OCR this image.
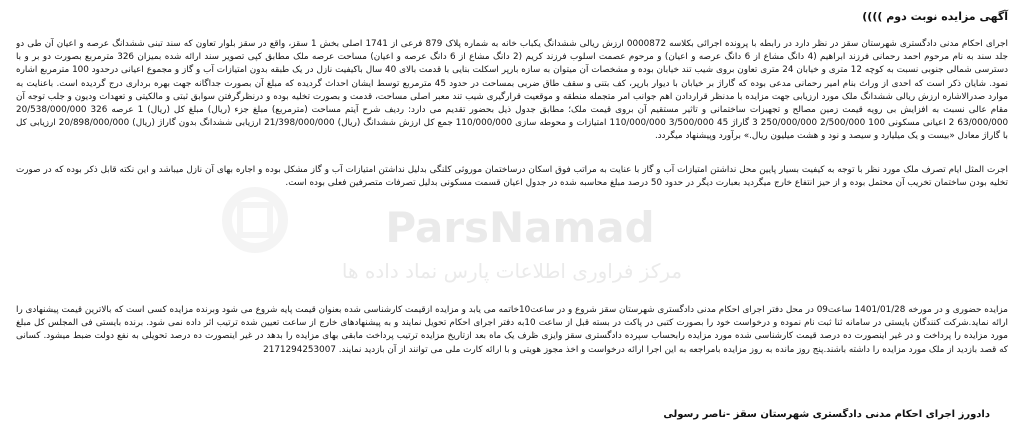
آگهی مزایده نوبت دوم ))))

اجرای احکام مدنی دادگستری شهرستان سقز در نظر دارد در رابطه با پرونده اجرائی بکلاسه 0000872 ارزش ریالی ششدانگ یکباب خانه به شماره پلاک 879 فرعی از 1741 اصلی بخش 1 سقز، واقع در سقز بلوار تعاون که سند تبنی ششدانگ عرصه و اعیان آن طی دو جلد سند به نام مرحوم احمد رحمانی فرزند ابراهیم (4 دانگ مشاع از 6 دانگ عرصه و اعیان) و مرحوم عصمت اسلوب فرزند کریم (2 دانگ مشاع از 6 دانگ عرصه و اعیان) مساحت عرصه ملک مطابق کپی تصویر سند ارائه شده بمیزان 326 مترمربع بصورت دو بر و با دسترسی شمالی جنوبی نسبت به کوچه 12 متری و خیابان 24 متری تعاون بروی شیب تند خیابان بوده و مشخصات آن میتوان به سازه بارپر اسکلت بنایی با قدمت بالای 40 سال باکیفیت نازل در یک طبقه بدون امتیازات آب و گاز و مجموع اعیانی درحدود 100 مترمربع اشاره نمود. شایان ذکر است که احدی از وراث بنام امیر رحمانی مدعی بوده که گاراژ بر خیابان با دیوار بارپر، کف بتنی و سقف طاق ضربی بمساحت در حدود 45 مترمربع توسط ایشان احداث گردیده که مبلغ آن بصورت جداگانه جهت بهره برداری درج گردیده است. باعنایت به موارد صدرالاشاره ارزش ریالی ششدانگ ملک مورد ارزیابی جهت مزایده با مدنظر قراردادن اهم جوانب امر متجمله منطقه و موقعیت قرارگیری شیب تند معبر اصلی مساحت، قدمت و بصورت تخلیه بوده و درنظرگرفتن سوابق ثبتی و مالکیتی و تعهدات ودیون و جلب توجه آن مقام عالی نسبت به افزایش بی رویه قیمت زمین مصالح و تجهیزات ساختمانی و تاثیر مستقیم آن بروی قیمت ملک؛ مطابق جدول ذیل بحضور تقدیم می دارد: ردیف شرح آیتم مساحت (مترمربع) مبلغ جزء (ریال) مبلغ کل (ریال) 1 عرصه 326 20/538/000/000 63/000/000 2 اعیانی مسکونی 100 2/500/000 250/000/000 3 گاراژ 45 3/500/000 110/000/000 امتیازات و محوطه سازی 110/000/000 جمع کل ارزش ششدانگ (ریال) 21/398/000/000 ارزیابی ششدانگ بدون گاراژ (ریال) 20/898/000/000 ارزیابی کل با گاراژ معادل «بیست و یک میلیارد و سیصد و نود و هشت میلیون ریال.» برآورد وپیشنهاد میگردد.

اجرت المثل ایام تصرف ملک مورد نظر با توجه به کیفیت بسیار پایین محل نداشتن امتیازات آب و گاز با عنایت به مراتب فوق اسکان درساختمان موروثی کلنگی بدلیل نداشتن امتیازات آب و گاز مشکل بوده و اجاره بهای آن نازل میباشد و این نکته قابل ذکر بوده که در صورت تخلیه بودن ساختمان تخریب آن محتمل بوده و از حیز انتفاع خارج میگردید بعبارت دیگر در حدود 50 درصد مبلغ محاسبه شده در جدول اعیان قسمت مسکونی بدلیل تصرفات متصرفین فعلی بوده است.

مزایده حضوری و در مورخه 1401/01/28 ساعت09 در محل دفتر اجرای احکام مدنی دادگستری شهرستان سقز شروع و در ساعت10خاتمه می یابد و مزایده ازقیمت کارشناسی شده بعنوان قیمت پایه شروع می شود وبرنده مزایده کسی است که بالاترین قیمت پیشنهادی را ارائه نماید.شرکت کنندگان بایستی در سامانه ثنا ثبت نام نموده و درخواست خود را بصورت کتبی در پاکت در بسته قبل از ساعت 10به دفتر اجرای احکام تحویل نمایند و به پیشنهادهای خارج از ساعت تعیین شده ترتیب اثر داده نمی شود. برنده بایستی فی المجلس کل مبلغ مورد مزایده را پرداخت و در غیر اینصورت ده درصد قیمت کارشناسی شده مورد مزایده رابحساب سپرده دادگستری سقز وایزی ظرف یک ماه بعد ازتاریخ مزایده ترتیب پرداخت مابقی بهای مزایده را بدهد در غیر اینصورت ده درصد تحویلی به نفع دولت ضبط میشود. کسانی که قصد بازدید از ملک مورد مزایده را داشته باشند.پنج روز مانده به روز مزایده بامراجعه به این اجرا ارائه درخواست و اخذ مجوز هویتی و با ارائه کارت ملی می توانند از آن بازدید نمایند. 2171294253007

دادورز اجرای احکام مدنی دادگستری شهرستان سقز -ناصر رسولی
ParsNamad
مرکز فراوری اطلاعات پارس نماد داده ها
